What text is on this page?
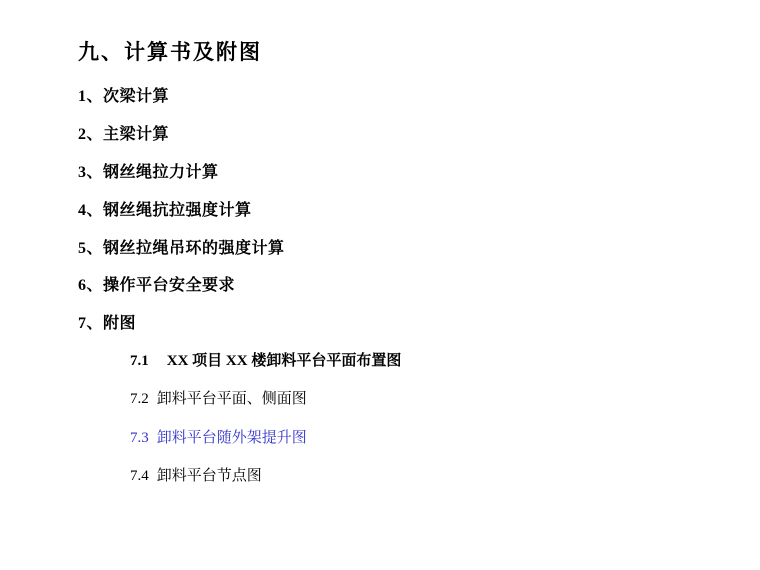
九、计算书及附图
1、次梁计算
2、主梁计算
3、钢丝绳拉力计算
4、钢丝绳抗拉强度计算
5、钢丝拉绳吊环的强度计算
6、操作平台安全要求
7、附图
7.1 XX 项目 XX 楼卸料平台平面布置图
7.2 卸料平台平面、侧面图
7.3 卸料平台随外架提升图
7.4 卸料平台节点图
